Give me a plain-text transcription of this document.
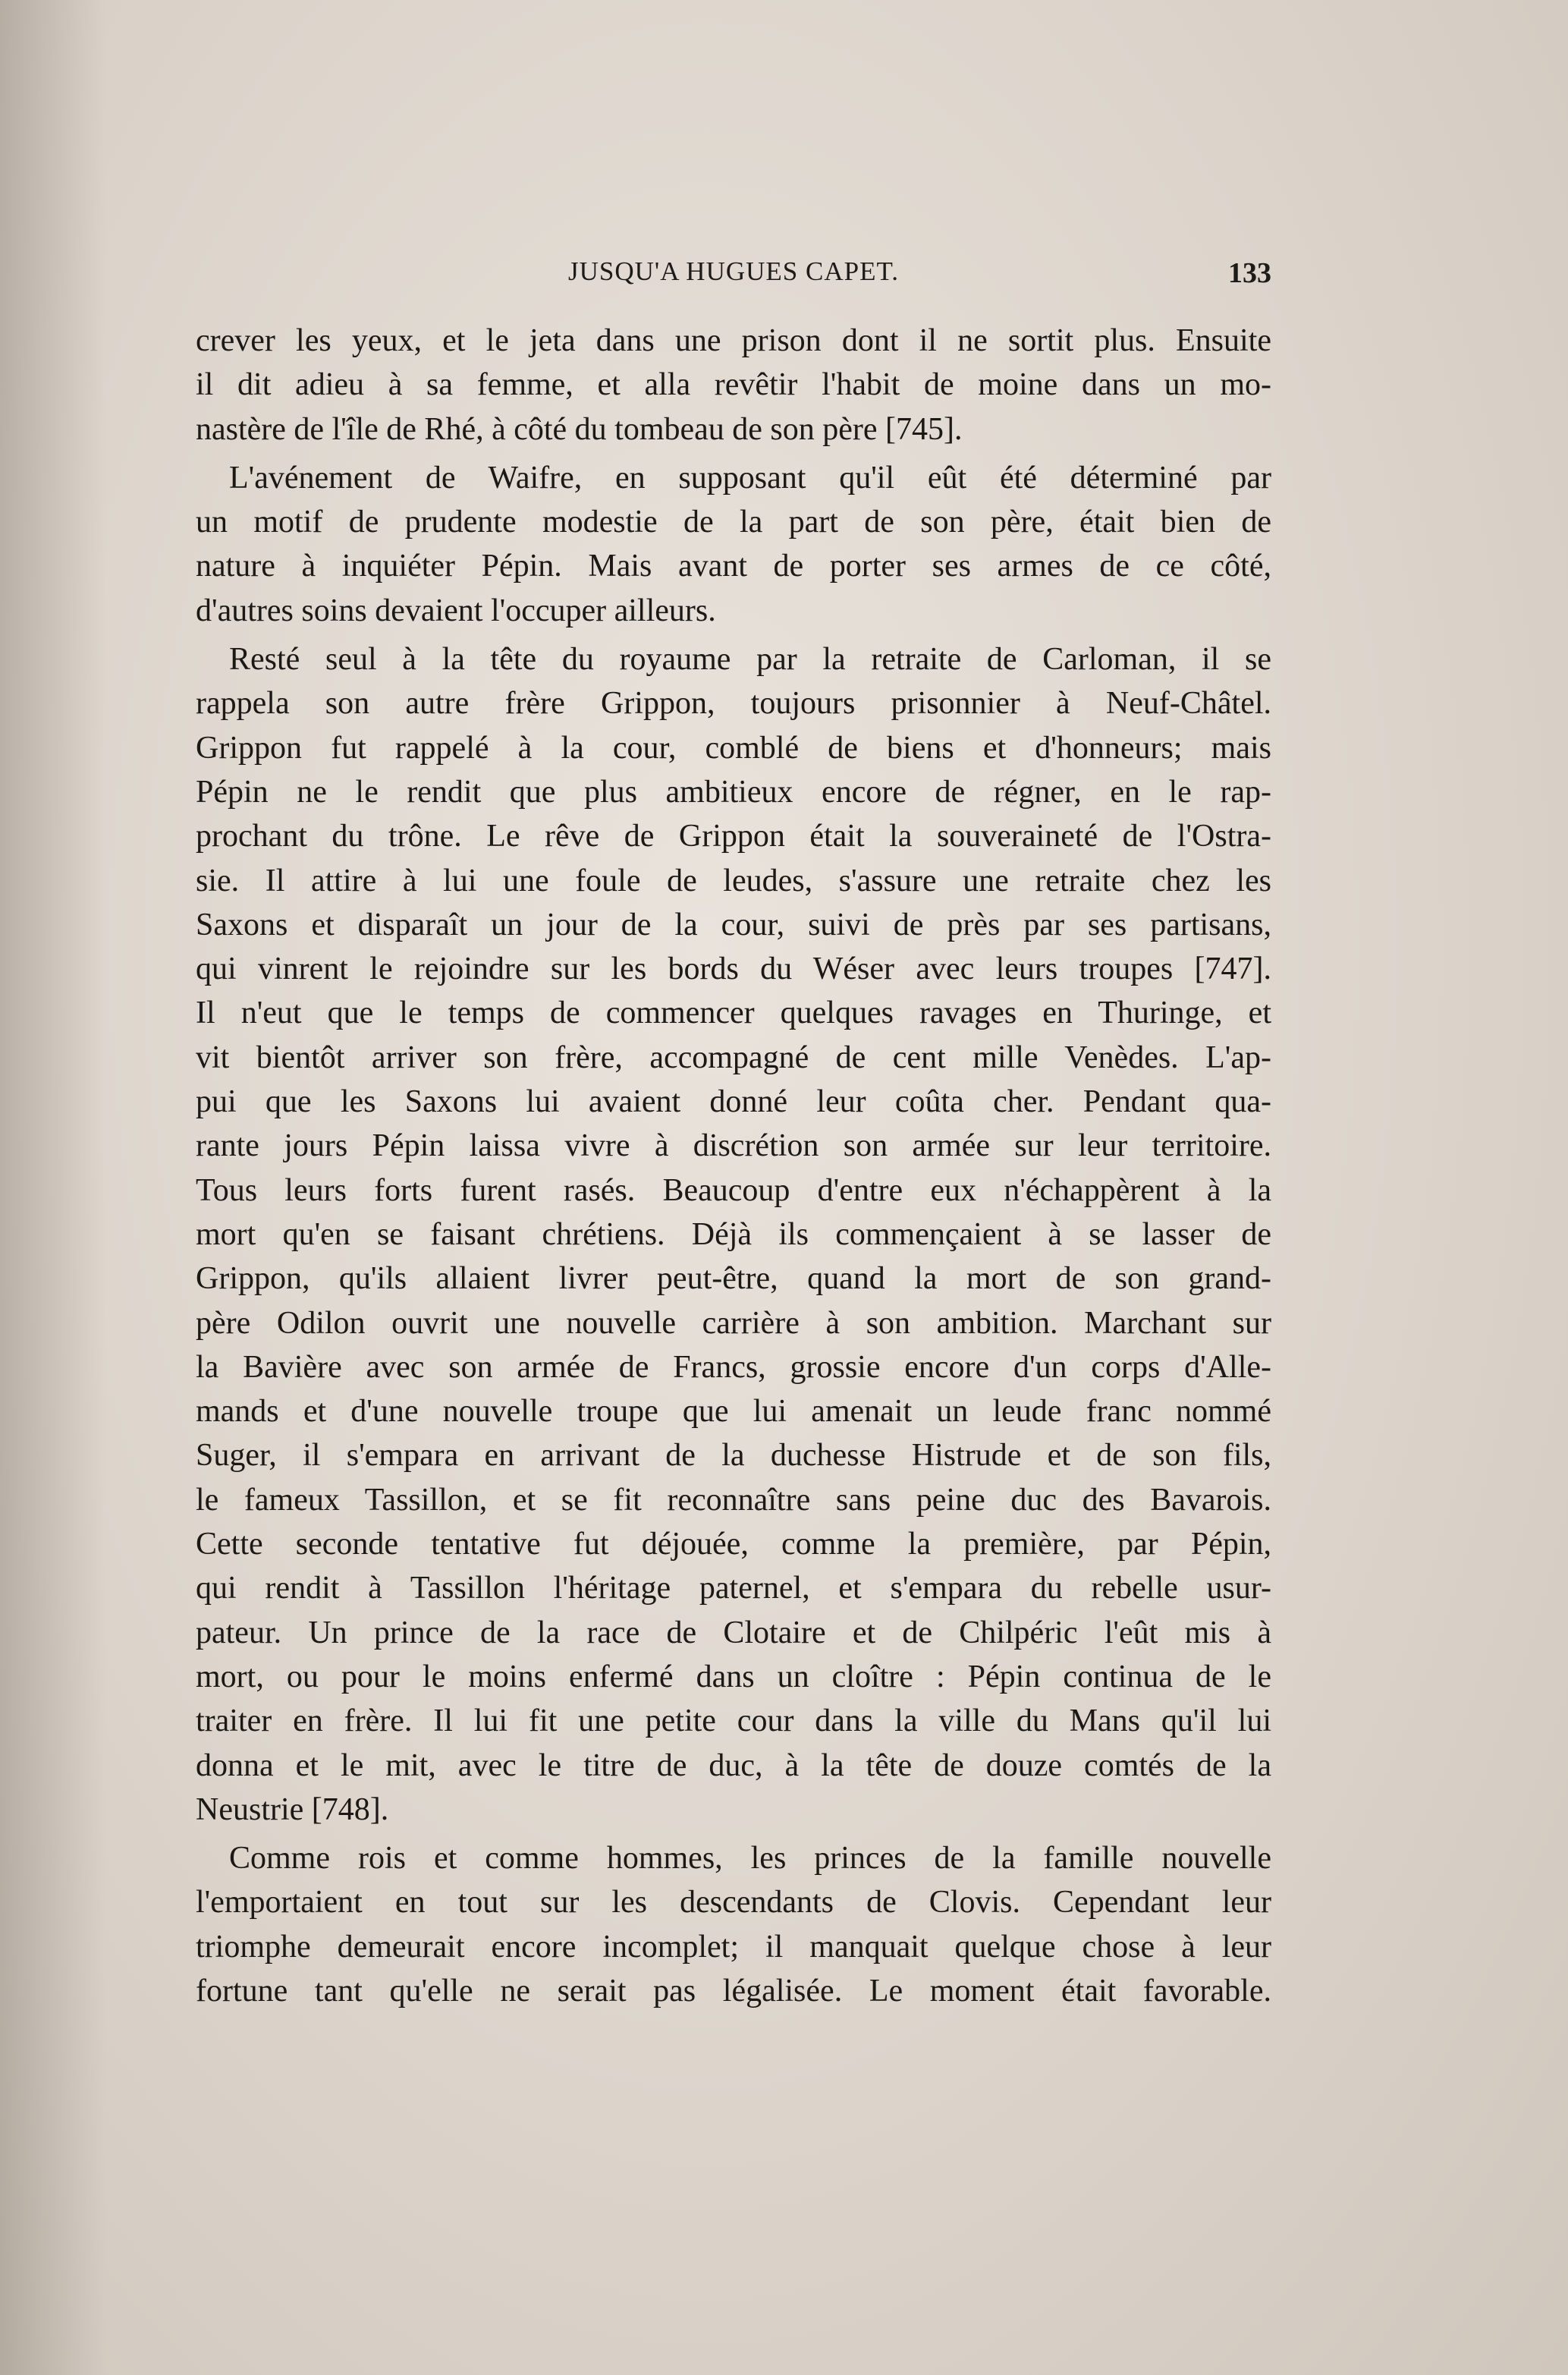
JUSQU'A HUGUES CAPET.	133
crever les yeux, et le jeta dans une prison dont il ne sortit plus. Ensuite
il dit adieu à sa femme, et alla revêtir l'habit de moine dans un mo-
nastère de l'île de Rhé, à côté du tombeau de son père [745].
L'avénement de Waifre, en supposant qu'il eût été déterminé par
un motif de prudente modestie de la part de son père, était bien de
nature à inquiéter Pépin. Mais avant de porter ses armes de ce côté,
d'autres soins devaient l'occuper ailleurs.
Resté seul à la tête du royaume par la retraite de Carloman, il se
rappela son autre frère Grippon, toujours prisonnier à Neuf-Châtel.
Grippon fut rappelé à la cour, comblé de biens et d'honneurs; mais
Pépin ne le rendit que plus ambitieux encore de régner, en le rap-
prochant du trône. Le rêve de Grippon était la souveraineté de l'Ostra-
sie. Il attire à lui une foule de leudes, s'assure une retraite chez les
Saxons et disparaît un jour de la cour, suivi de près par ses partisans,
qui vinrent le rejoindre sur les bords du Wéser avec leurs troupes [747].
Il n'eut que le temps de commencer quelques ravages en Thuringe, et
vit bientôt arriver son frère, accompagné de cent mille Venèdes. L'ap-
pui que les Saxons lui avaient donné leur coûta cher. Pendant qua-
rante jours Pépin laissa vivre à discrétion son armée sur leur territoire.
Tous leurs forts furent rasés. Beaucoup d'entre eux n'échappèrent à la
mort qu'en se faisant chrétiens. Déjà ils commençaient à se lasser de
Grippon, qu'ils allaient livrer peut-être, quand la mort de son grand-
père Odilon ouvrit une nouvelle carrière à son ambition. Marchant sur
la Bavière avec son armée de Francs, grossie encore d'un corps d'Alle-
mands et d'une nouvelle troupe que lui amenait un leude franc nommé
Suger, il s'empara en arrivant de la duchesse Histrude et de son fils,
le fameux Tassillon, et se fit reconnaître sans peine duc des Bavarois.
Cette seconde tentative fut déjouée, comme la première, par Pépin,
qui rendit à Tassillon l'héritage paternel, et s'empara du rebelle usur-
pateur. Un prince de la race de Clotaire et de Chilpéric l'eût mis à
mort, ou pour le moins enfermé dans un cloître : Pépin continua de le
traiter en frère. Il lui fit une petite cour dans la ville du Mans qu'il lui
donna et le mit, avec le titre de duc, à la tête de douze comtés de la
Neustrie [748].
Comme rois et comme hommes, les princes de la famille nouvelle
l'emportaient en tout sur les descendants de Clovis. Cependant leur
triomphe demeurait encore incomplet; il manquait quelque chose à leur
fortune tant qu'elle ne serait pas légalisée. Le moment était favorable.
